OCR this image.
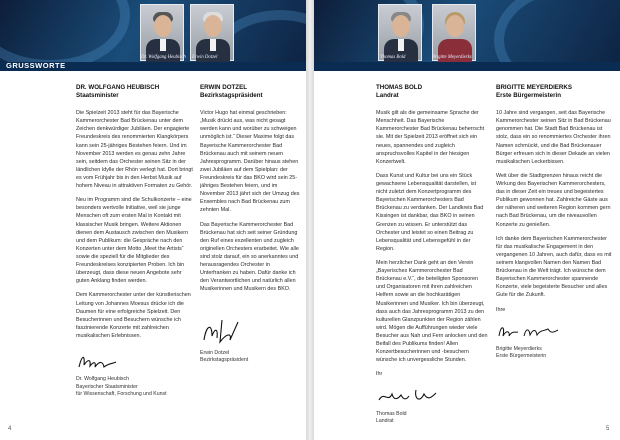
Dr. Wolfgang Heubisch Erwin Dotzel
GRUSSWORTE
DR. WOLFGANG HEUBISCH
Staatsminister

Die Spielzeit 2013 steht für das Bayerische Kammerorchester Bad Brückenau unter dem Zeichen denkwürdiger Jubiläen. Der engagierte Freundeskreis des renommierten Klangkörpers kann sein 25-jähriges Bestehen feiern. Und im November 2013 werden es genau zehn Jahre sein, seitdem das Orchester seinen Sitz in der ländlichen Idylle der Rhön verlegt hat. Dort bringt es vom Frühjahr bis in den Herbst Musik auf hohem Niveau in attraktiven Formaten zu Gehör.

Neu im Programm sind die Schulkonzerte – eine besonders wertvolle Initiative, weil sie junge Menschen oft zum ersten Mal in Kontakt mit klassischer Musik bringen. Weitere Aktionen dienen dem Austausch zwischen den Musikern und dem Publikum: die Gespräche nach den Konzerten unter dem Motto „Meet the Artists“ sowie die speziell für die Mitglieder des Freundeskreises konzipierten Proben. Ich bin überzeugt, dass diese neuen Angebote sehr guten Anklang finden werden.

Dem Kammerorchester unter der künstlerischen Leitung von Johannes Moesus drücke ich die Daumen für eine erfolgreiche Spielzeit. Den Besucherinnen und Besuchern wünsche ich faszinierende Konzerte mit zahlreichen musikalischen Erlebnissen.

Dr. Wolfgang Heubisch
Bayerischer Staatsminister
für Wissenschaft, Forschung und Kunst
ERWIN DOTZEL
Bezirkstagspräsident

Victor Hugo hat einmal geschrieben: „Musik drückt aus, was nicht gesagt werden kann und worüber zu schweigen unmöglich ist.“ Dieser Maxime folgt das Bayerische Kammerorchester Bad Brückenau auch mit seinem neuen Jahresprogramm. Darüber hinaus stehen zwei Jubiläen auf dem Spielplan: der Freundeskreis für das BKO wird sein 25-jähriges Bestehen feiern, und im November 2013 jährt sich der Umzug des Ensembles nach Bad Brückenau zum zehnten Mal.

Das Bayerische Kammerorchester Bad Brückenau hat sich seit seiner Gründung den Ruf eines exzellenten und zugleich originellen Orchesters erarbeitet. Wie alle sind stolz darauf, ein so anerkanntes und herausragendes Orchester in Unterfranken zu haben. Dafür danke ich den Verantwortlichen und natürlich allen Musikerinnen und Musikern des BKO.

Erwin Dotzel
Bezirkstagspräsident
4
Thomas Bold	Brigitte Meyerdierks
THOMAS BOLD
Landrat

Musik gilt als die gemeinsame Sprache der Menschheit. Das Bayerische Kammerorchester Bad Brückenau beherrscht sie. Mit der Spielzeit 2013 eröffnet sich ein neues, spannendes und zugleich anspruchsvolles Kapitel in der hiesigen Konzertwelt.

Dass Kunst und Kultur bei uns ein Stück gewachsene Lebensqualität darstellen, ist nicht zuletzt dem Konzertprogramm des Bayerischen Kammerorchesters Bad Brückenau zu verdanken. Der Landkreis Bad Kissingen ist dankbar, das BKO in seinen Grenzen zu wissen. Er unterstützt das Orchester und leistet so einen Beitrag zu Lebensqualität und Lebensgefühl in der Region.

Mein herzlicher Dank geht an den Verein „Bayerisches Kammerorchester Bad Brückenau e.V.“, die beteiligten Sponsoren und Organisatoren mit ihren zahlreichen Helfern sowie an die hochkarätigen Musikerinnen und Musiker. Ich bin überzeugt, dass auch das Jahresprogramm 2013 zu den kulturellen Glanzpunkten der Region zählen wird. Mögen die Aufführungen wieder viele Besucher aus Nah und Fern anlocken und den Beifall des Publikums finden! Allen Konzertbesucherinnen und -besuchern wünsche ich unvergessliche Stunden.

Ihr

Thomas Bold
Landrat
BRIGITTE MEYERDIERKS
Erste Bürgermeisterin

10 Jahre sind vergangen, seit das Bayerische Kammerorchester seinen Sitz in Bad Brückenau genommen hat. Die Stadt Bad Brückenau ist stolz, dass ein so renommiertes Orchester ihren Namen schmückt, und die Bad Brückenauer Bürger erfreuen sich in dieser Dekade an vielen musikalischen Leckerbissen.

Weit über die Stadtgrenzen hinaus reicht die Wirkung des Bayerischen Kammerorchesters, das in dieser Zeit ein treues und begeistertes Publikum gewonnen hat. Zahlreiche Gäste aus der näheren und weiteren Region kommen gern nach Bad Brückenau, um die niveauvollen Konzerte zu genießen.

Ich danke dem Bayerischen Kammerorchester für das musikalische Engagement in den vergangenen 10 Jahren, auch dafür, dass es mit seinem klangvollen Namen den Namen Bad Brückenau in die Welt trägt. Ich wünsche dem Bayerischen Kammerorchester spannende Konzerte, viele begeisterte Besucher und alles Gute für die Zukunft.

Ihre

Brigitte Meyerdierks
Erste Bürgermeisterin
5
